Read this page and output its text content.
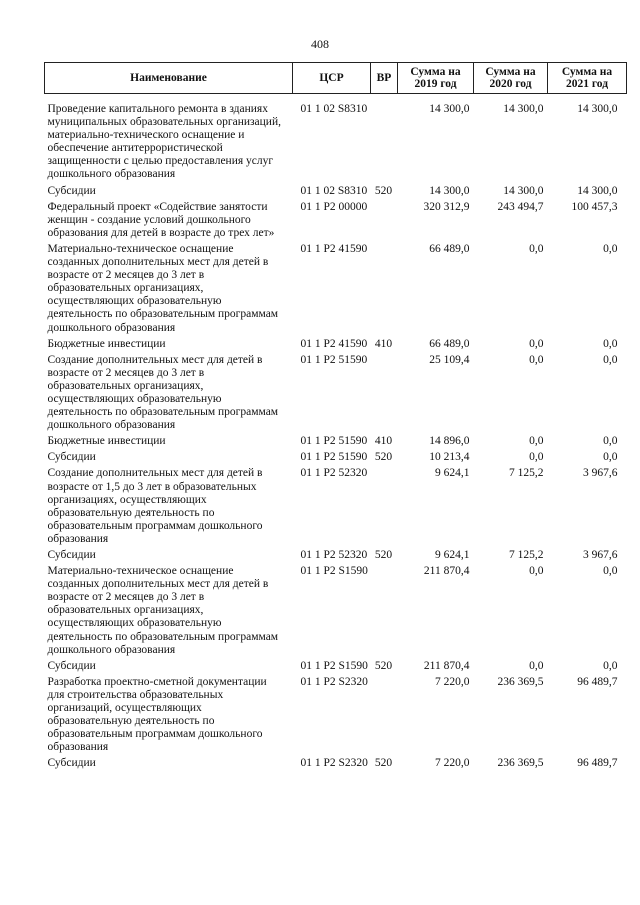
408
Наименование	ЦСР	ВР	Сумма на 2019 год	Сумма на 2020 год	Сумма на 2021 год

Проведение капитального ремонта в зданиях муниципальных образовательных организаций, материально-технического оснащение и обеспечение антитеррористической защищенности с целью предоставления услуг дошкольного образования	01 1 02 S8310		14 300,0	14 300,0	14 300,0
Субсидии	01 1 02 S8310	520	14 300,0	14 300,0	14 300,0
Федеральный проект «Содействие занятости женщин - создание условий дошкольного образования для детей в возрасте до трех лет»	01 1 P2 00000		320 312,9	243 494,7	100 457,3
Материально-техническое оснащение созданных дополнительных мест для детей в возрасте от 2 месяцев до 3 лет в образовательных организациях, осуществляющих образовательную деятельность по образовательным программам дошкольного образования	01 1 P2 41590		66 489,0	0,0	0,0
Бюджетные инвестиции	01 1 P2 41590	410	66 489,0	0,0	0,0
Создание дополнительных мест для детей в возрасте от 2 месяцев до 3 лет в образовательных организациях, осуществляющих образовательную деятельность по образовательным программам дошкольного образования	01 1 P2 51590		25 109,4	0,0	0,0
Бюджетные инвестиции	01 1 P2 51590	410	14 896,0	0,0	0,0
Субсидии	01 1 P2 51590	520	10 213,4	0,0	0,0
Создание дополнительных мест для детей в возрасте от 1,5 до 3 лет в образовательных организациях, осуществляющих образовательную деятельность по образовательным программам дошкольного образования	01 1 P2 52320		9 624,1	7 125,2	3 967,6
Субсидии	01 1 P2 52320	520	9 624,1	7 125,2	3 967,6
Материально-техническое оснащение созданных дополнительных мест для детей в возрасте от 2 месяцев до 3 лет в образовательных организациях, осуществляющих образовательную деятельность по образовательным программам дошкольного образования	01 1 P2 S1590		211 870,4	0,0	0,0
Субсидии	01 1 P2 S1590	520	211 870,4	0,0	0,0
Разработка проектно-сметной документации для строительства образовательных организаций, осуществляющих образовательную деятельность по образовательным программам дошкольного образования	01 1 P2 S2320		7 220,0	236 369,5	96 489,7
Субсидии	01 1 P2 S2320	520	7 220,0	236 369,5	96 489,7
